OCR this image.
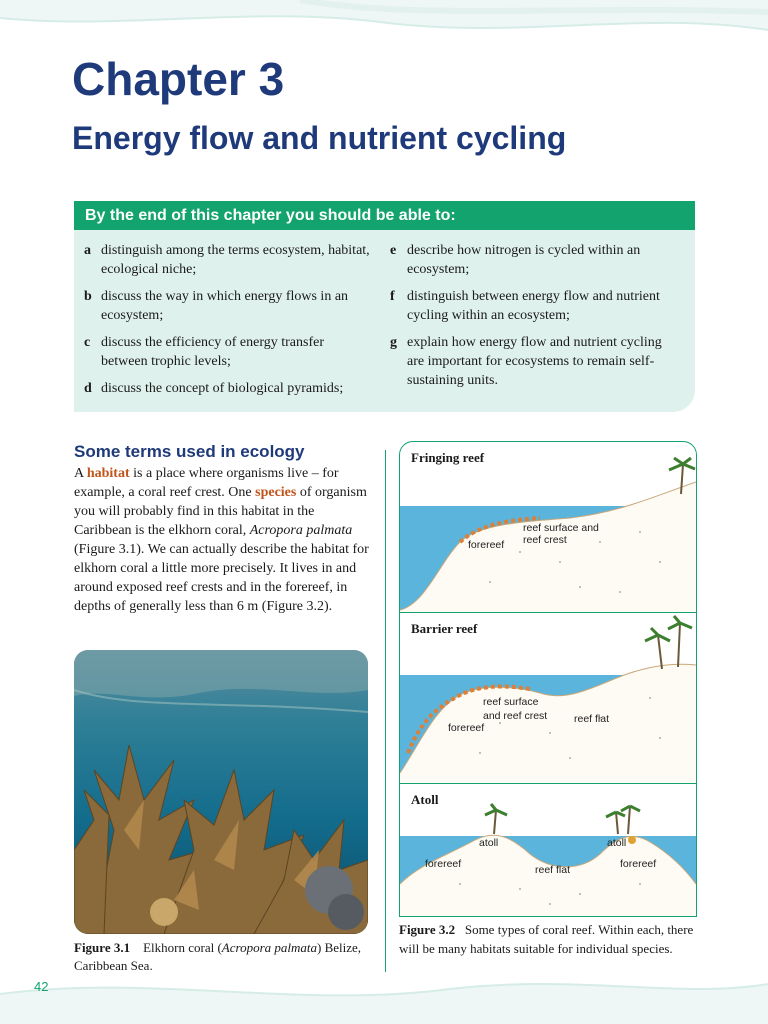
Chapter 3
Energy flow and nutrient cycling
By the end of this chapter you should be able to:
a distinguish among the terms ecosystem, habitat, ecological niche;
b discuss the way in which energy flows in an ecosystem;
c discuss the efficiency of energy transfer between trophic levels;
d discuss the concept of biological pyramids;
e describe how nitrogen is cycled within an ecosystem;
f distinguish between energy flow and nutrient cycling within an ecosystem;
g explain how energy flow and nutrient cycling are important for ecosystems to remain self-sustaining units.
Some terms used in ecology

A habitat is a place where organisms live – for example, a coral reef crest. One species of organism you will probably find in this habitat in the Caribbean is the elkhorn coral, Acropora palmata (Figure 3.1). We can actually describe the habitat for elkhorn coral a little more precisely. It lives in and around exposed reef crests and in the forereef, in depths of generally less than 6 m (Figure 3.2).

Figure 3.1 Elkhorn coral (Acropora palmata) Belize, Caribbean Sea.
Fringing reef
forereef
reef surface and
reef crest
Barrier reef
reef surface
and reef crest	reef flat
forereef
Atoll
atoll	atoll
forereef	forereef
reef flat
Figure 3.2 Some types of coral reef. Within each, there will be many habitats suitable for individual species.
42
